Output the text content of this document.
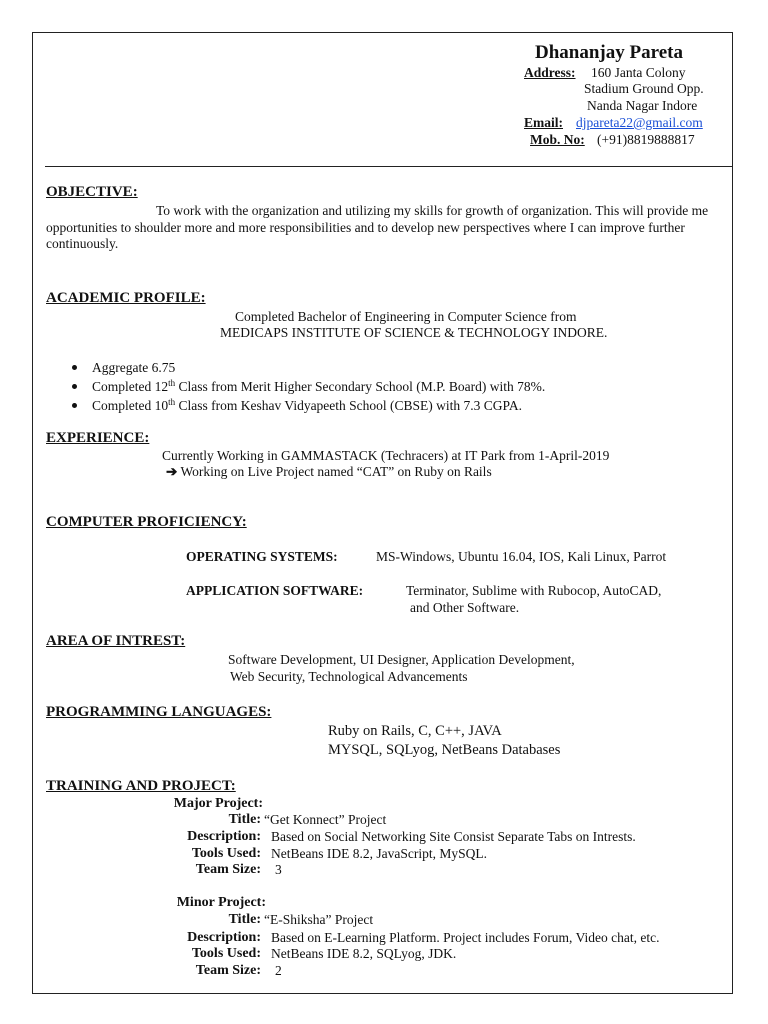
Dhananjay Pareta
Address: 160 Janta Colony
Stadium Ground Opp.
Nanda Nagar Indore
Email: djpareta22@gmail.com
Mob. No: (+91)8819888817
OBJECTIVE:
To work with the organization and utilizing my skills for growth of organization. This will provide me opportunities to shoulder more and more responsibilities and to develop new perspectives where I can improve further continuously.
ACADEMIC PROFILE:
Completed Bachelor of Engineering in Computer Science from
MEDICAPS INSTITUTE OF SCIENCE & TECHNOLOGY INDORE.
Aggregate 6.75
Completed 12th Class from Merit Higher Secondary School (M.P. Board) with 78%.
Completed 10th Class from Keshav Vidyapeeth School (CBSE) with 7.3 CGPA.
EXPERIENCE:
Currently Working in GAMMASTACK (Techracers) at IT Park from 1-April-2019
➔ Working on Live Project named “CAT” on Ruby on Rails
COMPUTER PROFICIENCY:
OPERATING SYSTEMS:	MS-Windows, Ubuntu 16.04, IOS, Kali Linux, Parrot
APPLICATION SOFTWARE:	Terminator, Sublime with Rubocop, AutoCAD,
and Other Software.
AREA OF INTREST:
Software Development, UI Designer, Application Development,
Web Security, Technological Advancements
PROGRAMMING LANGUAGES:
Ruby on Rails, C, C++, JAVA
MYSQL, SQLyog, NetBeans Databases
TRAINING AND PROJECT:
Major Project:
Title: “Get Konnect” Project
Description: Based on Social Networking Site Consist Separate Tabs on Intrests.
Tools Used: NetBeans IDE 8.2, JavaScript, MySQL.
Team Size: 3
Minor Project:
Title: “E-Shiksha” Project
Description: Based on E-Learning Platform. Project includes Forum, Video chat, etc.
Tools Used: NetBeans IDE 8.2, SQLyog, JDK.
Team Size: 2
